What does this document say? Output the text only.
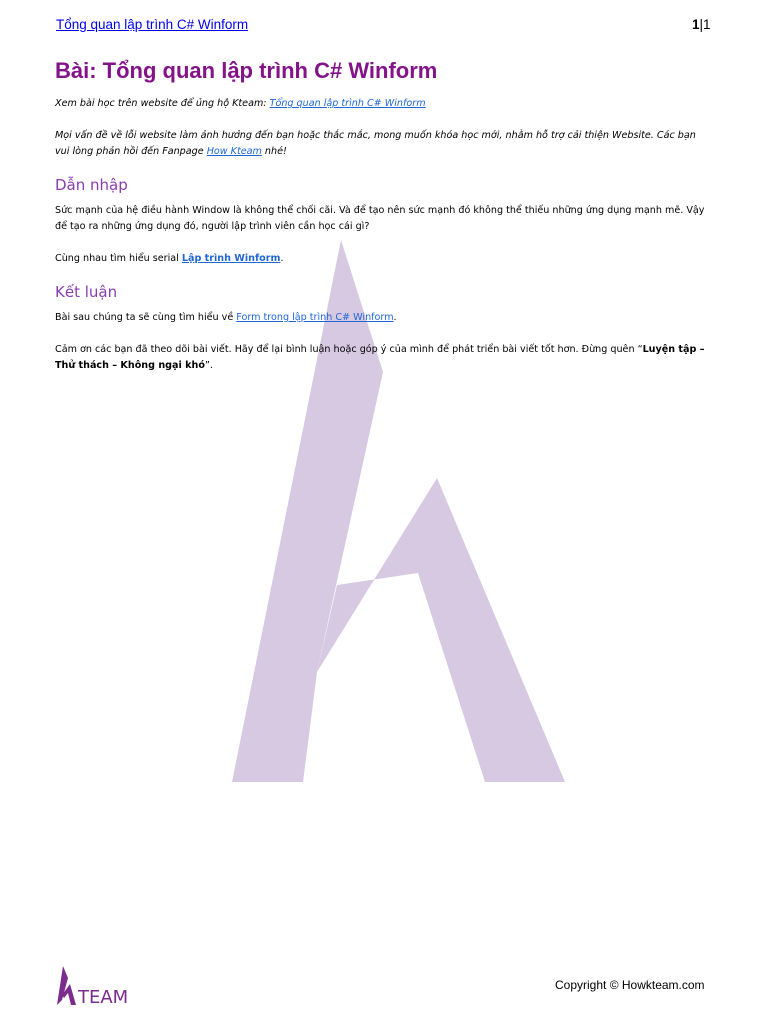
Tổng quan lập trình C# Winform	1|1
Bài: Tổng quan lập trình C# Winform

Xem bài học trên website để ủng hộ Kteam: Tổng quan lập trình C# Winform

Mọi vấn đề về lỗi website làm ảnh hưởng đến bạn hoặc thắc mắc, mong muốn khóa học mới, nhằm hỗ trợ cải thiện Website. Các bạn vui lòng phản hồi đến Fanpage How Kteam nhé!

Dẫn nhập

Sức mạnh của hệ điều hành Window là không thể chối cãi. Và để tạo nên sức mạnh đó không thể thiếu những ứng dụng mạnh mẽ. Vậy để tạo ra những ứng dụng đó, người lập trình viên cần học cái gì?

Cùng nhau tìm hiểu serial Lập trình Winform.

Kết luận

Bài sau chúng ta sẽ cùng tìm hiểu về Form trong lập trình C# Winform.

Cảm ơn các bạn đã theo dõi bài viết. Hãy để lại bình luận hoặc góp ý của mình để phát triển bài viết tốt hơn. Đừng quên “Luyện tập – Thử thách – Không ngại khó”.

TEAM
Copyright © Howkteam.com
